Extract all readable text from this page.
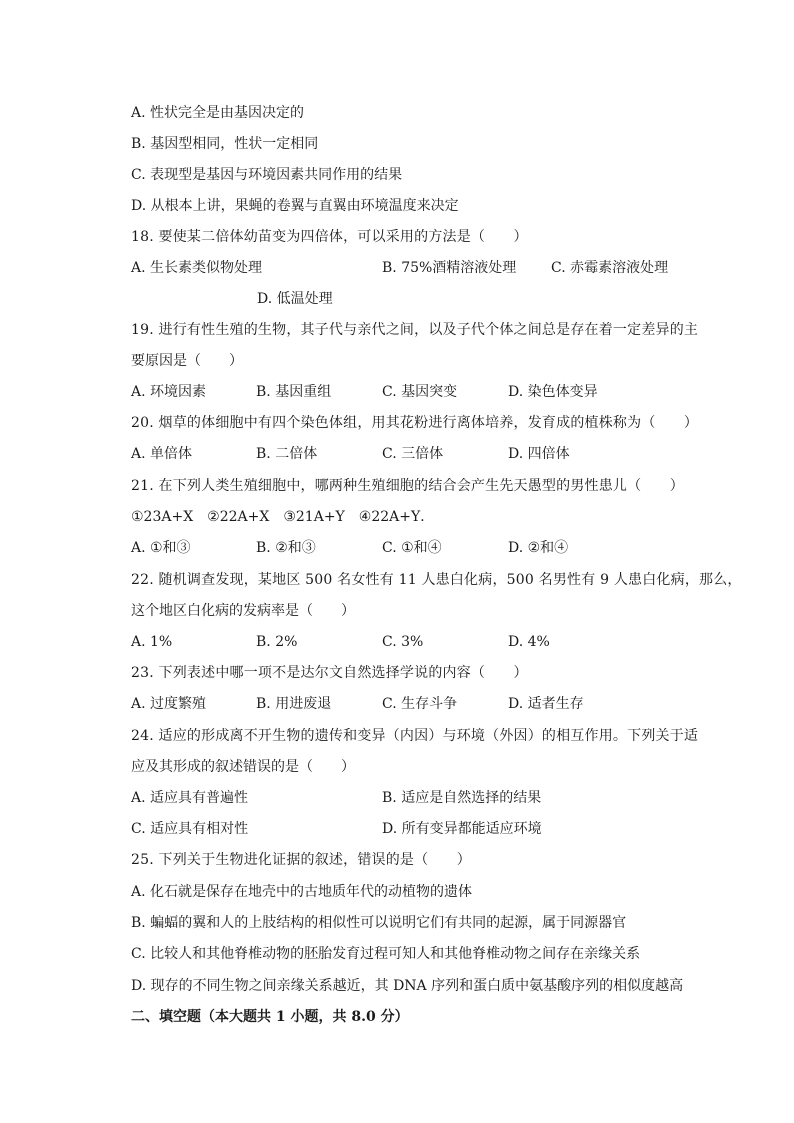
A. 性状完全是由基因决定的
B. 基因型相同，性状一定相同
C. 表现型是基因与环境因素共同作用的结果
D. 从根本上讲，果蝇的卷翼与直翼由环境温度来决定
18. 要使某二倍体幼苗变为四倍体，可以采用的方法是（　　）
A. 生长素类似物处理	B. 75%酒精溶液处理 C. 赤霉素溶液处理
D. 低温处理
19. 进行有性生殖的生物，其子代与亲代之间，以及子代个体之间总是存在着一定差异的主
要原因是（　　）
A. 环境因素	B. 基因重组	C. 基因突变	D. 染色体变异
20. 烟草的体细胞中有四个染色体组，用其花粉进行离体培养，发育成的植株称为（　　）
A. 单倍体	B. 二倍体	C. 三倍体	D. 四倍体
21. 在下列人类生殖细胞中，哪两种生殖细胞的结合会产生先天愚型的男性患儿（　　）
①23A+X　②22A+X　③21A+Y　④22A+Y．
A. ①和③	B. ②和③	C. ①和④	D. ②和④
22. 随机调查发现，某地区 500 名女性有 11 人患白化病，500 名男性有 9 人患白化病，那么，
这个地区白化病的发病率是（　　）
A. 1%	B. 2%	C. 3%	D. 4%
23. 下列表述中哪一项不是达尔文自然选择学说的内容（　　）
A. 过度繁殖	B. 用进废退	C. 生存斗争	D. 适者生存
24. 适应的形成离不开生物的遗传和变异（内因）与环境（外因）的相互作用。下列关于适
应及其形成的叙述错误的是（　　）
A. 适应具有普遍性	B. 适应是自然选择的结果
C. 适应具有相对性	D. 所有变异都能适应环境
25. 下列关于生物进化证据的叙述，错误的是（　　）
A. 化石就是保存在地壳中的古地质年代的动植物的遗体
B. 蝙蝠的翼和人的上肢结构的相似性可以说明它们有共同的起源，属于同源器官
C. 比较人和其他脊椎动物的胚胎发育过程可知人和其他脊椎动物之间存在亲缘关系
D. 现存的不同生物之间亲缘关系越近，其 DNA 序列和蛋白质中氨基酸序列的相似度越高
二、填空题（本大题共 1 小题，共 8.0 分）
